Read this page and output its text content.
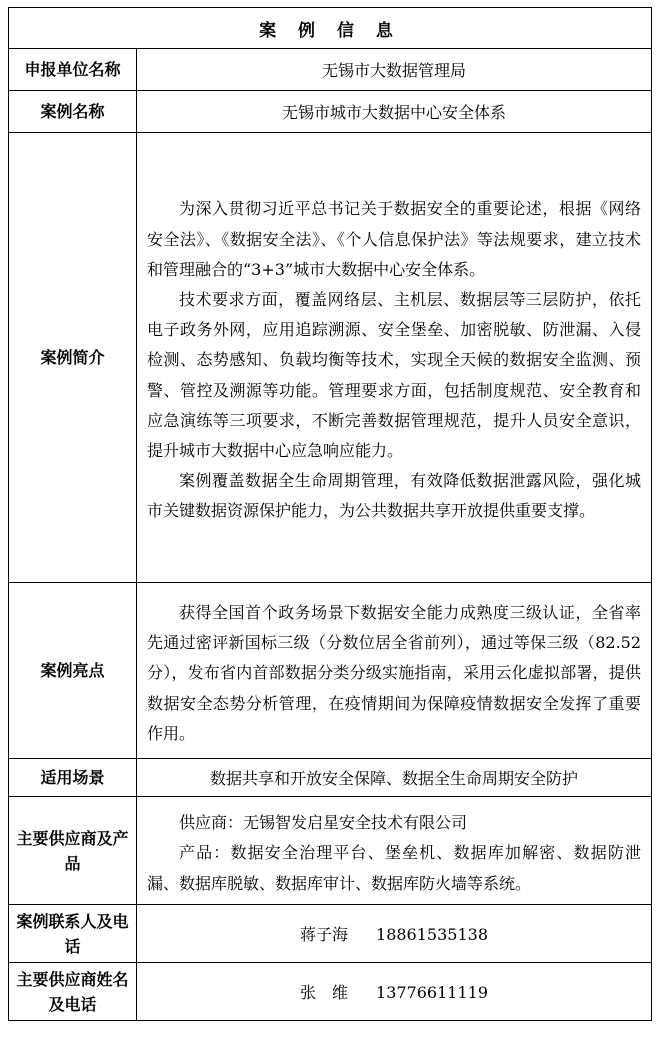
案 例 信 息	
申报单位名称	无锡市大数据管理局
案例名称	无锡市城市大数据中心安全体系
案例简介	为深入贯彻习近平总书记关于数据安全的重要论述，根据《网络安全法》、《数据安全法》、《个人信息保护法》等法规要求，建立技术和管理融合的“3+3”城市大数据中心安全体系。

技术要求方面，覆盖网络层、主机层、数据层等三层防护，依托电子政务外网，应用追踪溯源、安全堡垒、加密脱敏、防泄漏、入侵检测、态势感知、负载均衡等技术，实现全天候的数据安全监测、预警、管控及溯源等功能。管理要求方面，包括制度规范、安全教育和应急演练等三项要求，不断完善数据管理规范，提升人员安全意识，提升城市大数据中心应急响应能力。

案例覆盖数据全生命周期管理，有效降低数据泄露风险，强化城市关键数据资源保护能力，为公共数据共享开放提供重要支撑。

案例亮点	获得全国首个政务场景下数据安全能力成熟度三级认证，全省率先通过密评新国标三级（分数位居全省前列），通过等保三级（82.52分），发布省内首部数据分类分级实施指南，采用云化虚拟部署，提供数据安全态势分析管理，在疫情期间为保障疫情数据安全发挥了重要作用。

适用场景	数据共享和开放安全保障、数据全生命周期安全防护
主要供应商及产品	供应商：无锡智发启星安全技术有限公司

产品：数据安全治理平台、堡垒机、数据库加解密、数据防泄漏、数据库脱敏、数据库审计、数据库防火墙等系统。

案例联系人及电话	蒋子海 18861535138
主要供应商姓名及电话	张　维 13776611119
